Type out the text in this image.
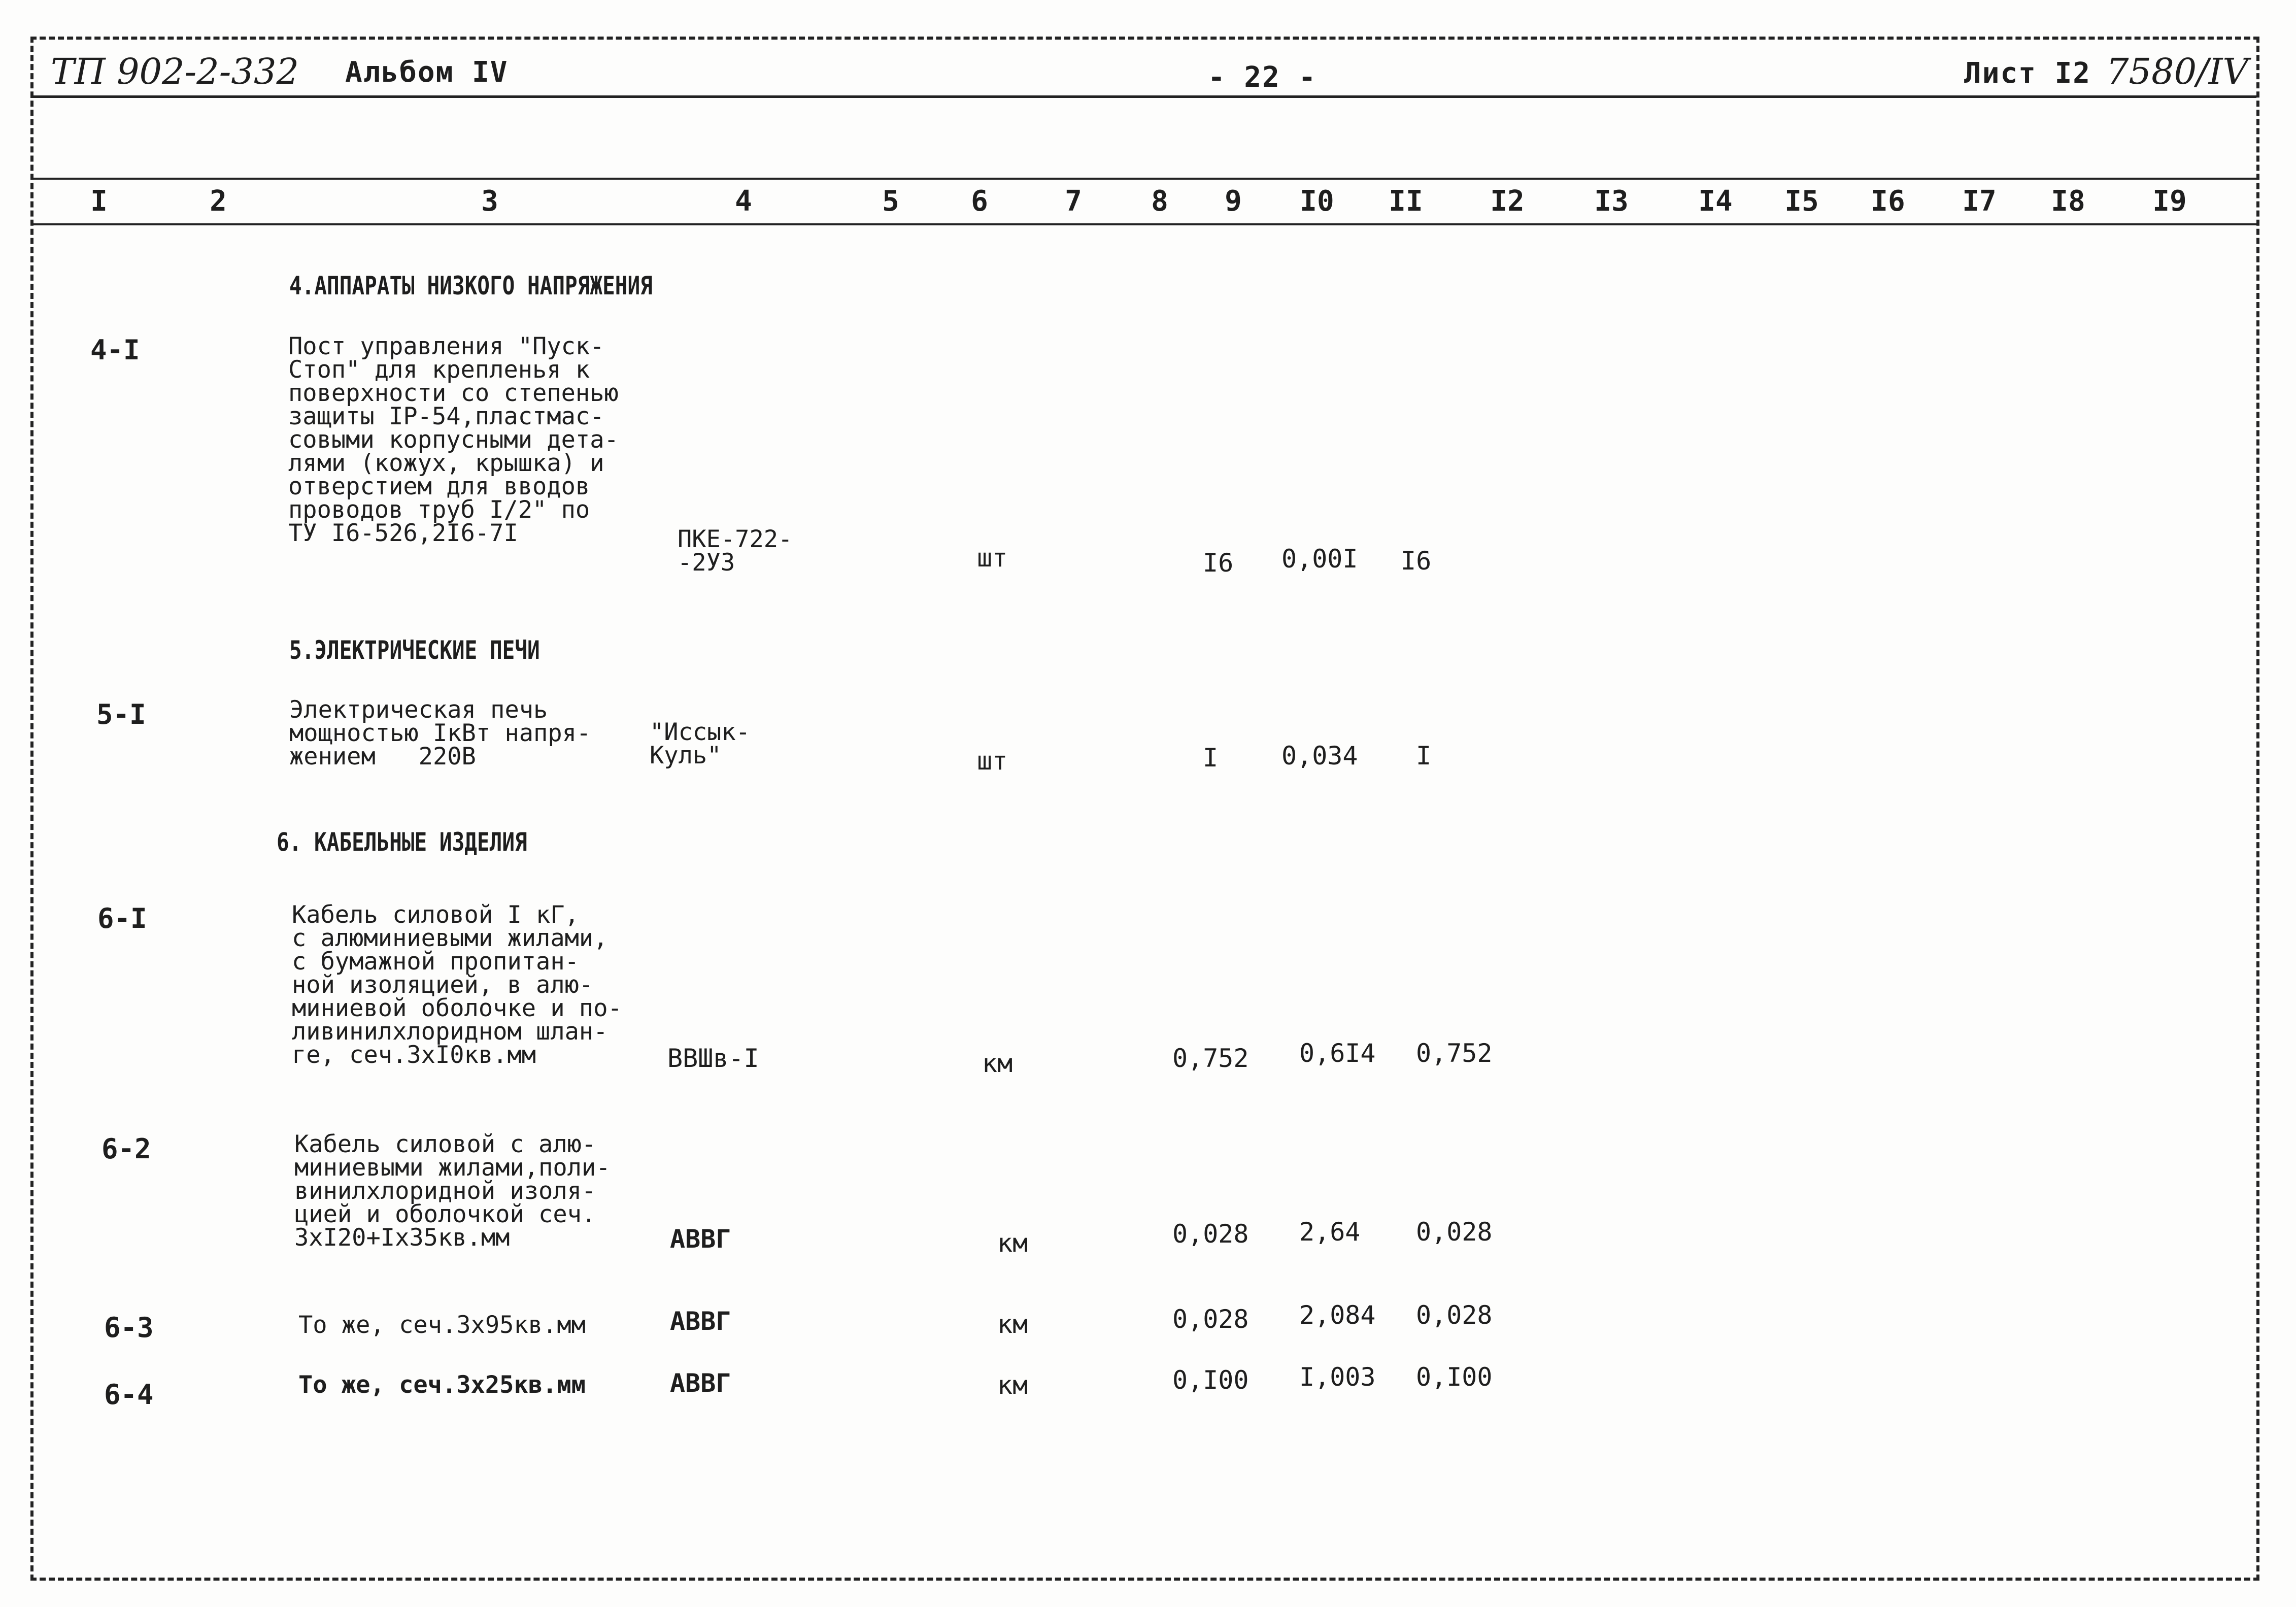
ТП 902-2-332 Альбом IV	- 22 -	Лист I2 7580/IV
I	2	3	4	5	6	7	8	9	I0	II	I2	I3	I4	I5	I6	I7	I8	I9
4.АППАРАТЫ НИЗКОГО НАПРЯЖЕНИЯ
4-I	Пост управления "Пуск-
Стоп" для крепленья к
поверхности со степенью
защиты IP-54,пластмас-
совыми корпусными дета-
лями (кожух, крышка) и
отверстием для вводов
проводов труб I/2" по
ТУ I6-526,2I6-7I	ПКЕ-722-
-2У3	шт	I6 0,00I I6
5.ЭЛЕКТРИЧЕСКИЕ ПЕЧИ
5-I	Электрическая печь
мощностью IкВт напря-
жением   220В
"Иссык-
Куль"	шт	I 0,034 I
6. КАБЕЛЬНЫЕ ИЗДЕЛИЯ
6-I	Кабель силовой I кГ,
с алюминиевыми жилами,
с бумажной пропитан-
ной изоляцией, в алю-
миниевой оболочке и по-
ливинилхлоридном шлан-
ге, сеч.3хI0кв.мм	ВВШв-I	км	0,752 0,6I4 0,752
6-2	Кабель силовой с алю-
миниевыми жилами,поли-
винилхлоридной изоля-
цией и оболочкой сеч.
3хI20+Iх35кв.мм	АВВГ	км	0,028 2,64 0,028
6-3	То же, сеч.3х95кв.мм	АВВГ	км	0,028 2,084 0,028
6-4	То же, сеч.3х25кв.мм	АВВГ	км	0,I00 I,003 0,I00
